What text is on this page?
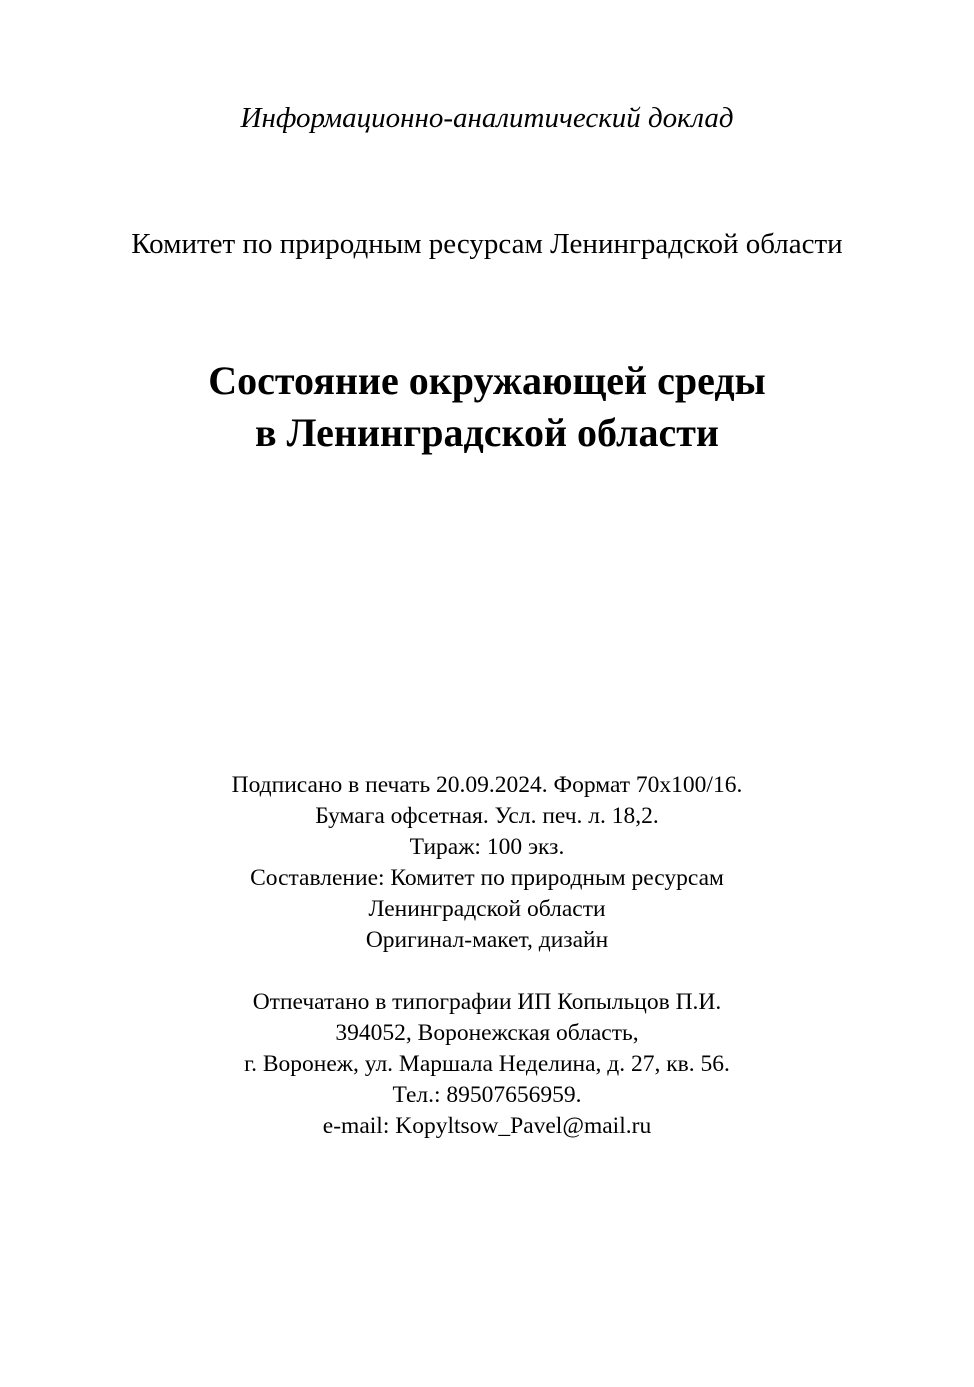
Информационно-аналитический доклад
Комитет по природным ресурсам Ленинградской области
Состояние окружающей среды
в Ленинградской области
Подписано в печать 20.09.2024. Формат 70х100/16.
Бумага офсетная. Усл. печ. л. 18,2.
Тираж: 100 экз.
Составление: Комитет по природным ресурсам
Ленинградской области
Оригинал-макет, дизайн
Отпечатано в типографии ИП Копыльцов П.И.
394052, Воронежская область,
г. Воронеж, ул. Маршала Неделина, д. 27, кв. 56.
Тел.: 89507656959.
e-mail: Kopyltsow_Pavel@mail.ru
